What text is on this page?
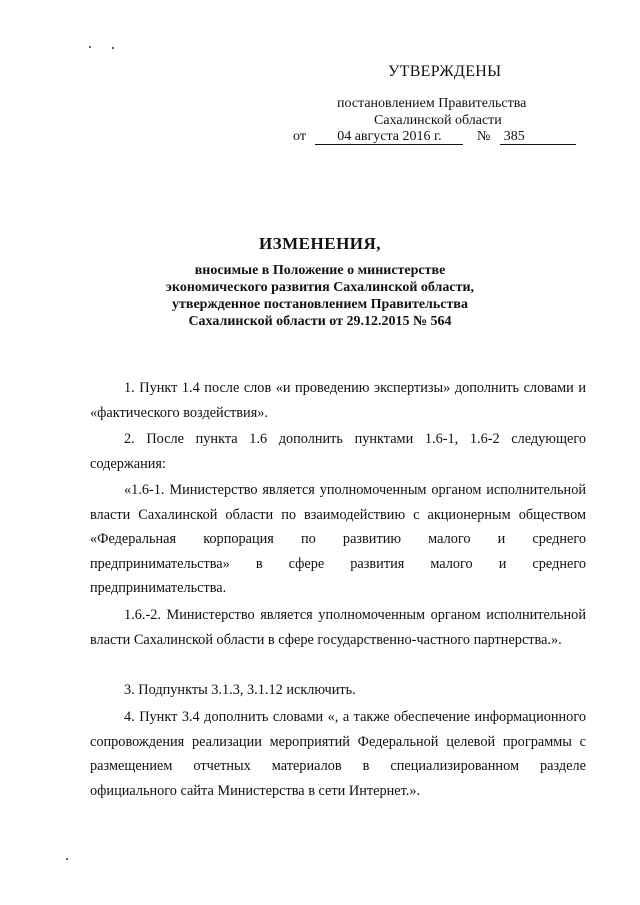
УТВЕРЖДЕНЫ
постановлением Правительства
Сахалинской области
от 04 августа 2016 г.	№ 385
ИЗМЕНЕНИЯ,
вносимые в Положение о министерстве
экономического развития Сахалинской области,
утвержденное постановлением Правительства
Сахалинской области от 29.12.2015 № 564
1. Пункт 1.4 после слов «и проведению экспертизы» дополнить словами и «фактического воздействия».
2. После пункта 1.6 дополнить пунктами 1.6-1, 1.6-2 следующего содержания:
«1.6-1. Министерство является уполномоченным органом исполнительной власти Сахалинской области по взаимодействию с акционерным обществом «Федеральная корпорация по развитию малого и среднего предпринимательства» в сфере развития малого и среднего предпринимательства.
1.6.-2. Министерство является уполномоченным органом исполнительной власти Сахалинской области в сфере государственно-частного партнерства.».
3. Подпункты 3.1.3, 3.1.12 исключить.
4. Пункт 3.4 дополнить словами «, а также обеспечение информационного сопровождения реализации мероприятий Федеральной целевой программы с размещением отчетных материалов в специализированном разделе официального сайта Министерства в сети Интернет.».
